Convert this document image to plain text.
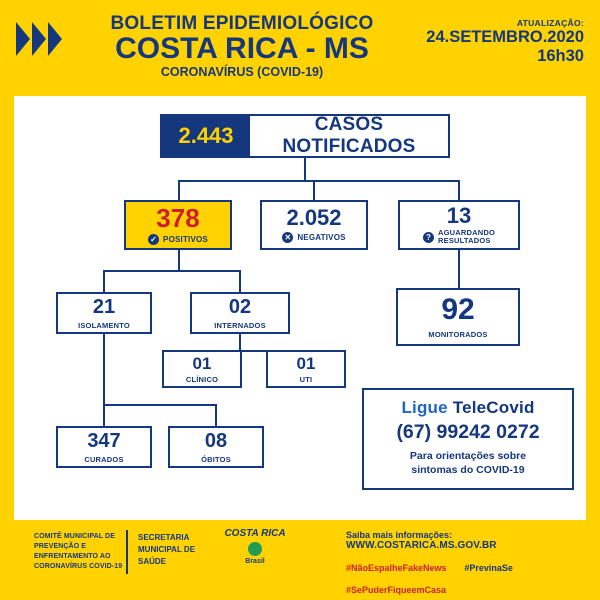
BOLETIM EPIDEMIOLÓGICO
COSTA RICA - MS
CORONAVÍRUS (COVID-19)
ATUALIZAÇÃO:
24.SETEMBRO.2020
16h30
2.443	CASOS NOTIFICADOS
378
✓ POSITIVOS
2.052
✕ NEGATIVOS
13
?
AGUARDANDO
RESULTADOS
21
ISOLAMENTO
02
INTERNADOS
01
CLÍNICO
01
UTI
347
CURADOS
08
ÓBITOS
92
MONITORADOS
Ligue TeleCovid
(67) 99242 0272
Para orientações sobre
sintomas do COVID-19
COMITÊ MUNICIPAL DE PREVENÇÃO E ENFRENTAMENTO AO CORONAVÍRUS COVID-19
SECRETARIA MUNICIPAL DE SAÚDE
COSTA RICA
Brasil
Saiba mais informações:
WWW.COSTARICA.MS.GOV.BR
#NãoEspalheFakeNews #PrevinaSe
#SePuderFiqueemCasa
